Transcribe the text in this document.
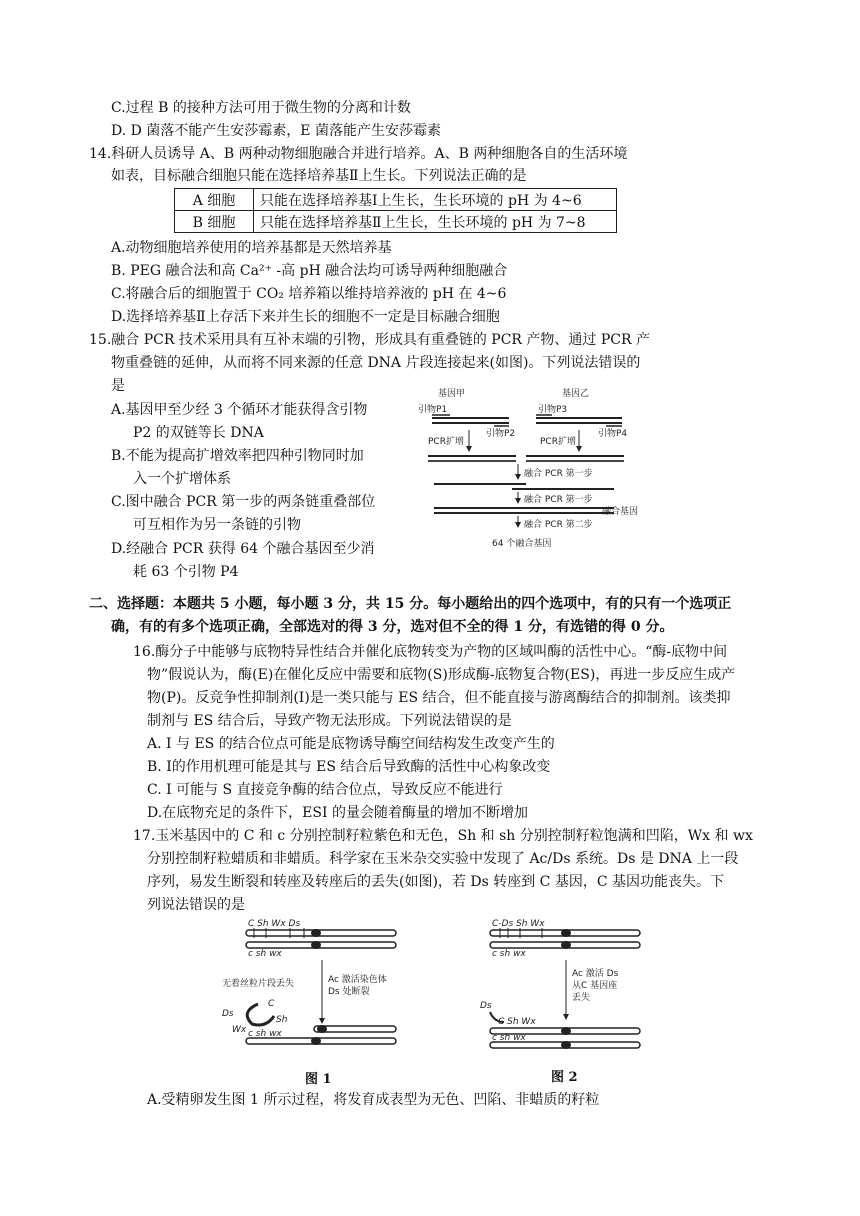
C.过程 B 的接种方法可用于微生物的分离和计数
D. D 菌落不能产生安莎霉素，E 菌落能产生安莎霉素
14.科研人员诱导 A、B 两种动物细胞融合并进行培养。A、B 两种细胞各自的生活环境
如表，目标融合细胞只能在选择培养基Ⅱ上生长。下列说法正确的是
A 细胞	只能在选择培养基Ⅰ上生长，生长环境的 pH 为 4~6
B 细胞	只能在选择培养基Ⅱ上生长，生长环境的 pH 为 7~8
A.动物细胞培养使用的培养基都是天然培养基
B. PEG 融合法和高 Ca²⁺ -高 pH 融合法均可诱导两种细胞融合
C.将融合后的细胞置于 CO₂ 培养箱以维持培养液的 pH 在 4~6
D.选择培养基Ⅱ上存活下来并生长的细胞不一定是目标融合细胞
15.融合 PCR 技术采用具有互补末端的引物，形成具有重叠链的 PCR 产物、通过 PCR 产
物重叠链的延伸，从而将不同来源的任意 DNA 片段连接起来(如图)。下列说法错误的
是
A.基因甲至少经 3 个循环才能获得含引物
P2 的双链等长 DNA
B.不能为提高扩增效率把四种引物同时加
入一个扩增体系
C.图中融合 PCR 第一步的两条链重叠部位
可互相作为另一条链的引物
D.经融合 PCR 获得 64 个融合基因至少消
耗 63 个引物 P4
基因甲	基因乙
引物P1	引物P3
引物P2	引物P4
PCR扩增	PCR扩增
融合 PCR 第一步
融合 PCR 第一步
融合基因
融合 PCR 第二步
64 个融合基因
二、选择题：本题共 5 小题，每小题 3 分，共 15 分。每小题给出的四个选项中，有的只有一个选项正
确，有的有多个选项正确，全部选对的得 3 分，选对但不全的得 1 分，有选错的得 0 分。
16.酶分子中能够与底物特异性结合并催化底物转变为产物的区域叫酶的活性中心。“酶-底物中间
物”假说认为，酶(E)在催化反应中需要和底物(S)形成酶-底物复合物(ES)，再进一步反应生成产
物(P)。反竞争性抑制剂(I)是一类只能与 ES 结合，但不能直接与游离酶结合的抑制剂。该类抑
制剂与 ES 结合后，导致产物无法形成。下列说法错误的是
A. I 与 ES 的结合位点可能是底物诱导酶空间结构发生改变产生的
B. Ⅰ的作用机理可能是其与 ES 结合后导致酶的活性中心构象改变
C. I 可能与 S 直接竞争酶的结合位点，导致反应不能进行
D.在底物充足的条件下，ESI 的量会随着酶量的增加不断增加
17.玉米基因中的 C 和 c 分别控制籽粒紫色和无色，Sh 和 sh 分别控制籽粒饱满和凹陷，Wx 和 wx
分别控制籽粒蜡质和非蜡质。科学家在玉米杂交实验中发现了 Ac/Ds 系统。Ds 是 DNA 上一段
序列，易发生断裂和转座及转座后的丢失(如图)，若 Ds 转座到 C 基因，C 基因功能丧失。下
列说法错误的是
C Sh Wx Ds
c sh wx
Ac 激活染色体
Ds 处断裂
无着丝粒片段丢失
C
Sh
Ds
Wx c sh wx
图 1
C-Ds Sh Wx
c sh wx
Ac 激活 Ds
从C 基因座
丢失
Ds
C Sh Wx
c sh wx
图 2
A.受精卵发生图 1 所示过程，将发育成表型为无色、凹陷、非蜡质的籽粒
